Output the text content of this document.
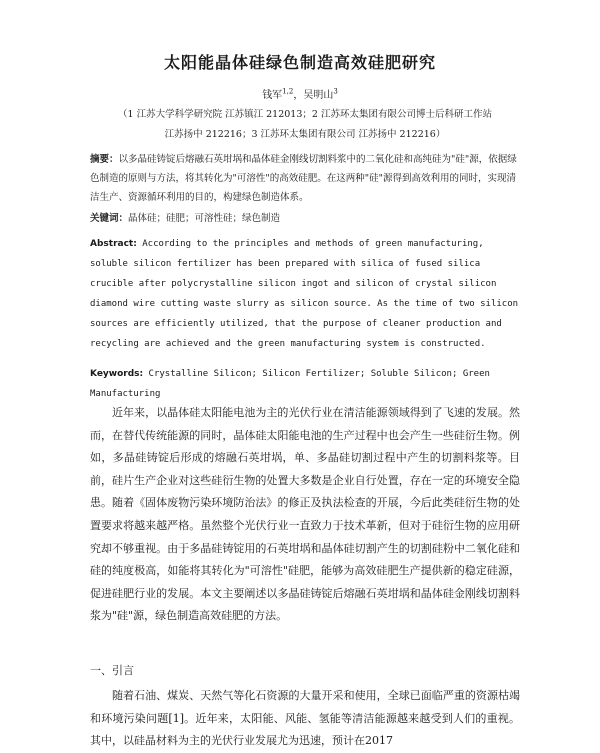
太阳能晶体硅绿色制造高效硅肥研究
钱军$^{1,2}$，吴明山$^3$
（1 江苏大学科学研究院 江苏镇江 212013；2 江苏环太集团有限公司博士后科研工作站
江苏扬中 212216；3 江苏环太集团有限公司 江苏扬中 212216）
摘要：以多晶硅铸锭后熔融石英坩埚和晶体硅金刚线切割料浆中的二氧化硅和高纯硅为"硅"源，依据绿色制造的原则与方法，将其转化为"可溶性"的高效硅肥。在这两种"硅"源得到高效利用的同时，实现清洁生产、资源循环利用的目的，构建绿色制造体系。
关键词：晶体硅；硅肥；可溶性硅；绿色制造
Abstract: According to the principles and methods of green manufacturing, soluble silicon fertilizer has been prepared with silica of fused silica crucible after polycrystalline silicon ingot and silicon of crystal silicon diamond wire cutting waste slurry as silicon source. As the time of two silicon sources are efficiently utilized, that the purpose of cleaner production and recycling are achieved and the green manufacturing system is constructed.
Keywords: Crystalline Silicon; Silicon Fertilizer; Soluble Silicon; Green Manufacturing
近年来，以晶体硅太阳能电池为主的光伏行业在清洁能源领域得到了飞速的发展。然而，在替代传统能源的同时，晶体硅太阳能电池的生产过程中也会产生一些硅衍生物。例如，多晶硅铸锭后形成的熔融石英坩埚，单、多晶硅切割过程中产生的切割料浆等。目前，硅片生产企业对这些硅衍生物的处置大多数是企业自行处置，存在一定的环境安全隐患。随着《固体废物污染环境防治法》的修正及执法检查的开展，今后此类硅衍生物的处置要求将越来越严格。虽然整个光伏行业一直致力于技术革新，但对于硅衍生物的应用研究却不够重视。由于多晶硅铸锭用的石英坩埚和晶体硅切割产生的切割硅粉中二氧化硅和硅的纯度极高，如能将其转化为"可溶性"硅肥，能够为高效硅肥生产提供新的稳定硅源，促进硅肥行业的发展。本文主要阐述以多晶硅铸锭后熔融石英坩埚和晶体硅金刚线切割料浆为"硅"源，绿色制造高效硅肥的方法。
一、引言
随着石油、煤炭、天然气等化石资源的大量开采和使用，全球已面临严重的资源枯竭和环境污染问题[1]。近年来，太阳能、风能、氢能等清洁能源越来越受到人们的重视。其中，以硅晶材料为主的光伏行业发展尤为迅速，预计在2017
